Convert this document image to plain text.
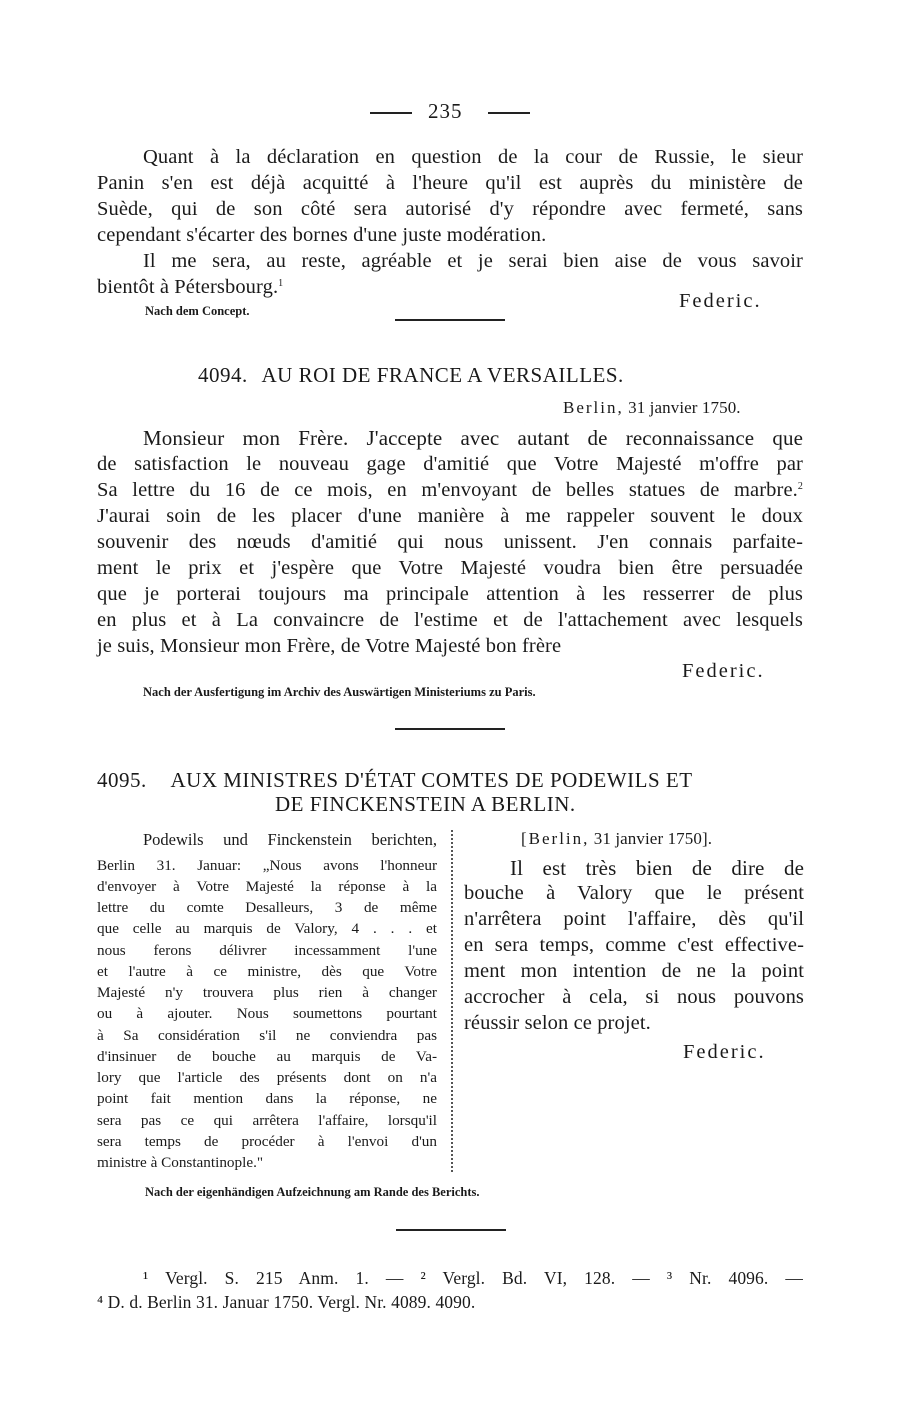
235
Quant à la déclaration en question de la cour de Russie, le sieur
Panin s'en est déjà acquitté à l'heure qu'il est auprès du ministère de
Suède, qui de son côté sera autorisé d'y répondre avec fermeté, sans
cependant s'écarter des bornes d'une juste modération.
Il me sera, au reste, agréable et je serai bien aise de vous savoir
bientôt à Pétersbourg.$^1$
Federic.
Nach dem Concept.
4094. AU ROI DE FRANCE A VERSAILLES.
Berlin, 31 janvier 1750.
Monsieur mon Frère. J'accepte avec autant de reconnaissance que
de satisfaction le nouveau gage d'amitié que Votre Majesté m'offre par
Sa lettre du 16 de ce mois, en m'envoyant de belles statues de marbre.$^2$
J'aurai soin de les placer d'une manière à me rappeler souvent le doux
souvenir des nœuds d'amitié qui nous unissent. J'en connais parfaite-
ment le prix et j'espère que Votre Majesté voudra bien être persuadée
que je porterai toujours ma principale attention à les resserrer de plus
en plus et à La convaincre de l'estime et de l'attachement avec lesquels
je suis, Monsieur mon Frère, de Votre Majesté bon frère
Federic.
Nach der Ausfertigung im Archiv des Auswärtigen Ministeriums zu Paris.
4095. AUX MINISTRES D'ÉTAT COMTES DE PODEWILS ET
DE FINCKENSTEIN A BERLIN.
Podewils und Finckenstein berichten,
Berlin 31. Januar: „Nous avons l'honneur
d'envoyer à Votre Majesté la réponse à la
lettre du comte Desalleurs, 3 de même
que celle au marquis de Valory, 4 . . . et
nous ferons délivrer incessamment l'une
et l'autre à ce ministre, dès que Votre
Majesté n'y trouvera plus rien à changer
ou à ajouter. Nous soumettons pourtant
à Sa considération s'il ne conviendra pas
d'insinuer de bouche au marquis de Va-
lory que l'article des présents dont on n'a
point fait mention dans la réponse, ne
sera pas ce qui arrêtera l'affaire, lorsqu'il
sera temps de procéder à l'envoi d'un
ministre à Constantinople."
[Berlin, 31 janvier 1750].
Il est très bien de dire de
bouche à Valory que le présent
n'arrêtera point l'affaire, dès qu'il
en sera temps, comme c'est effective-
ment mon intention de ne la point
accrocher à cela, si nous pouvons
réussir selon ce projet.
Federic.
Nach der eigenhändigen Aufzeichnung am Rande des Berichts.
¹ Vergl. S. 215 Anm. 1. — ² Vergl. Bd. VI, 128. — ³ Nr. 4096. —
⁴ D. d. Berlin 31. Januar 1750. Vergl. Nr. 4089. 4090.
